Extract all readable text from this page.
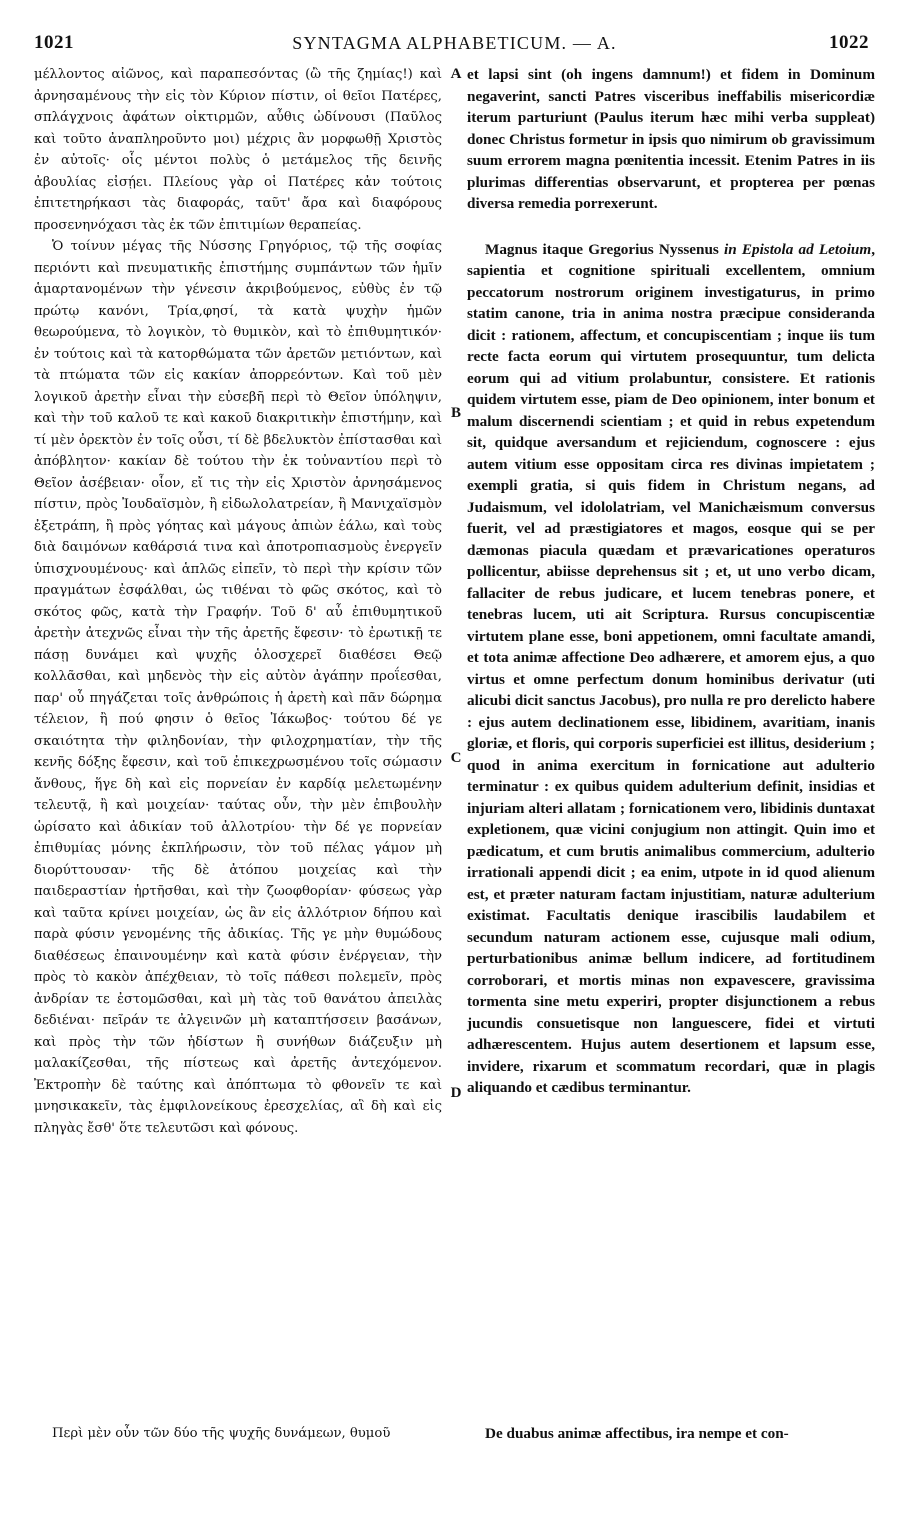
1021	SYNTAGMA ALPHABETICUM. — A.	1022

μέλλοντος αἰῶνος, καὶ παραπεσόντας (ὢ τῆς ζημίας!) καὶ ἀρνησαμένους τὴν εἰς τὸν Κύριον πίστιν, οἱ θεῖοι Πατέρες, σπλάγχνοις ἀφάτων οἰκτιρμῶν, αὖθις ὠδίνουσι (Παῦλος καὶ τοῦτο ἀναπληροῦντο μοι) μέχρις ἂν μορφωθῇ Χριστὸς ἐν αὐτοῖς· οἷς μέντοι πολὺς ὁ μετάμελος τῆς δεινῆς ἀβουλίας εἰσῄει. Πλείους γὰρ οἱ Πατέρες κἀν τούτοις ἐπιτετηρήκασι τὰς διαφοράς, ταῦτ' ἄρα καὶ διαφόρους προσενηνόχασι τὰς ἐκ τῶν ἐπιτιμίων θεραπείας.

Ὁ τοίνυν μέγας τῆς Νύσσης Γρηγόριος, τῷ τῆς σοφίας περιόντι καὶ πνευματικῆς ἐπιστήμης συμπάντων τῶν ἡμῖν ἁμαρτανομένων τὴν γένεσιν ἀκριβούμενος, εὐθὺς ἐν τῷ πρώτῳ κανόνι, Τρία,φησί, τὰ κατὰ ψυχὴν ἡμῶν θεωρούμενα, τὸ λογικὸν, τὸ θυμικὸν, καὶ τὸ ἐπιθυμητικόν· ἐν τούτοις καὶ τὰ κατορθώματα τῶν ἀρετῶν μετιόντων, καὶ τὰ πτώματα τῶν εἰς κακίαν ἀπορρεόντων. Καὶ τοῦ μὲν λογικοῦ ἀρετὴν εἶναι τὴν εὐσεβῆ περὶ τὸ Θεῖον ὑπόληψιν, καὶ τὴν τοῦ καλοῦ τε καὶ κακοῦ διακριτικὴν ἐπιστήμην, καὶ τί μὲν ὀρεκτὸν ἐν τοῖς οὖσι, τί δὲ βδελυκτὸν ἐπίστασθαι καὶ ἀπόβλητον· κακίαν δὲ τούτου τὴν ἐκ τοὐναντίου περὶ τὸ Θεῖον ἀσέβειαν· οἷον, εἴ τις τὴν εἰς Χριστὸν ἀρνησάμενος πίστιν, πρὸς Ἰουδαϊσμὸν, ἢ εἰδωλολατρείαν, ἢ Μανιχαϊσμὸν ἐξετράπη, ἢ πρὸς γόητας καὶ μάγους ἀπιὼν ἑάλω, καὶ τοὺς διὰ δαιμόνων καθάρσιά τινα καὶ ἀποτροπιασμοὺς ἐνεργεῖν ὑπισχνουμένους· καὶ ἁπλῶς εἰπεῖν, τὸ περὶ τὴν κρίσιν τῶν πραγμάτων ἐσφάλθαι, ὡς τιθέναι τὸ φῶς σκότος, καὶ τὸ σκότος φῶς, κατὰ τὴν Γραφήν. Τοῦ δ' αὖ ἐπιθυμητικοῦ ἀρετὴν ἀτεχνῶς εἶναι τὴν τῆς ἀρετῆς ἔφεσιν· τὸ ἐρωτικῇ τε πάσῃ δυνάμει καὶ ψυχῆς ὁλοσχερεῖ διαθέσει Θεῷ κολλᾶσθαι, καὶ μηδενὸς τὴν εἰς αὐτὸν ἀγάπην προΐεσθαι, παρ' οὗ πηγάζεται τοῖς ἀνθρώποις ἡ ἀρετὴ καὶ πᾶν δώρημα τέλειον, ἢ πού φησιν ὁ θεῖος Ἰάκωβος· τούτου δέ γε σκαιότητα τὴν φιληδονίαν, τὴν φιλοχρηματίαν, τὴν τῆς κενῆς δόξης ἔφεσιν, καὶ τοῦ ἐπικεχρωσμένου τοῖς σώμασιν ἄνθους, ἥγε δὴ καὶ εἰς πορνείαν ἐν καρδίᾳ μελετωμένην τελευτᾷ, ἢ καὶ μοιχείαν· ταύτας οὖν, τὴν μὲν ἐπιβουλὴν ὡρίσατο καὶ ἀδικίαν τοῦ ἀλλοτρίου· τὴν δέ γε πορνείαν ἐπιθυμίας μόνης ἐκπλήρωσιν, τὸν τοῦ πέλας γάμον μὴ διορύττουσαν· τῆς δὲ ἀτόπου μοιχείας καὶ τὴν παιδεραστίαν ἡρτῆσθαι, καὶ τὴν ζωοφθορίαν· φύσεως γὰρ καὶ ταῦτα κρίνει μοιχείαν, ὡς ἂν εἰς ἀλλότριον δήπου καὶ παρὰ φύσιν γενομένης τῆς ἀδικίας. Τῆς γε μὴν θυμώδους διαθέσεως ἐπαινουμένην καὶ κατὰ φύσιν ἐνέργειαν, τὴν πρὸς τὸ κακὸν ἀπέχθειαν, τὸ τοῖς πάθεσι πολεμεῖν, πρὸς ἀνδρίαν τε ἐστομῶσθαι, καὶ μὴ τὰς τοῦ θανάτου ἀπειλὰς δεδιέναι· πεῖράν τε ἀλγεινῶν μὴ καταπτήσσειν βασάνων, καὶ πρὸς τὴν τῶν ἡδίστων ἢ συνήθων διάζευξιν μὴ μαλακίζεσθαι, τῆς πίστεως καὶ ἀρετῆς ἀντεχόμενον. Ἐκτροπὴν δὲ ταύτης καὶ ἀπόπτωμα τὸ φθονεῖν τε καὶ μνησικακεῖν, τὰς ἐμφιλονείκους ἐρεσχελίας, αἳ δὴ καὶ εἰς πληγὰς ἔσθ' ὅτε τελευτῶσι καὶ φόνους.

A
B
C
D

et lapsi sint (oh ingens damnum!) et fidem in Dominum negaverint, sancti Patres visceribus ineffabilis misericordiæ iterum parturiunt (Paulus iterum hæc mihi verba suppleat) donec Christus formetur in ipsis quo nimirum ob gravissimum suum errorem magna pœnitentia incessit. Etenim Patres in iis plurimas differentias observarunt, et propterea per pœnas diversa remedia porrexerunt.

Magnus itaque Gregorius Nyssenus in Epistola ad Letoium, sapientia et cognitione spirituali excellentem, omnium peccatorum nostrorum originem investigaturus, in primo statim canone, tria in anima nostra præcipue consideranda dicit : rationem, affectum, et concupiscentiam ; inque iis tum recte facta eorum qui virtutem prosequuntur, tum delicta eorum qui ad vitium prolabuntur, consistere. Et rationis quidem virtutem esse, piam de Deo opinionem, inter bonum et malum discernendi scientiam ; et quid in rebus expetendum sit, quidque aversandum et rejiciendum, cognoscere : ejus autem vitium esse oppositam circa res divinas impietatem ; exempli gratia, si quis fidem in Christum negans, ad Judaismum, vel idololatriam, vel Manichæismum conversus fuerit, vel ad præstigiatores et magos, eosque qui se per dæmonas piacula quædam et prævaricationes operaturos pollicentur, abiisse deprehensus sit ; et, ut uno verbo dicam, fallaciter de rebus judicare, et lucem tenebras ponere, et tenebras lucem, uti ait Scriptura. Rursus concupiscentiæ virtutem plane esse, boni appetionem, omni facultate amandi, et tota animæ affectione Deo adhærere, et amorem ejus, a quo virtus et omne perfectum donum hominibus derivatur (uti alicubi dicit sanctus Jacobus), pro nulla re pro derelicto habere : ejus autem declinationem esse, libidinem, avaritiam, inanis gloriæ, et floris, qui corporis superficiei est illitus, desiderium ; quod in anima exercitum in fornicatione aut adulterio terminatur : ex quibus quidem adulterium definit, insidias et injuriam alteri allatam ; fornicationem vero, libidinis duntaxat expletionem, quæ vicini conjugium non attingit. Quin imo et pædicatum, et cum brutis animalibus commercium, adulterio irrationali appendi dicit ; ea enim, utpote in id quod alienum est, et præter naturam factam injustitiam, naturæ adulterium existimat. Facultatis denique irascibilis laudabilem et secundum naturam actionem esse, cujusque mali odium, perturbationibus animæ bellum indicere, ad fortitudinem corroborari, et mortis minas non expavescere, gravissima tormenta sine metu experiri, propter disjunctionem a rebus jucundis consuetisque non languescere, fidei et virtuti adhærescentem. Hujus autem desertionem et lapsum esse, invidere, rixarum et scommatum recordari, quæ in plagis aliquando et cædibus terminantur.

Περὶ μὲν οὖν τῶν δύο τῆς ψυχῆς δυνάμεων, θυμοῦ	De duabus animæ affectibus, ira nempe et con-
